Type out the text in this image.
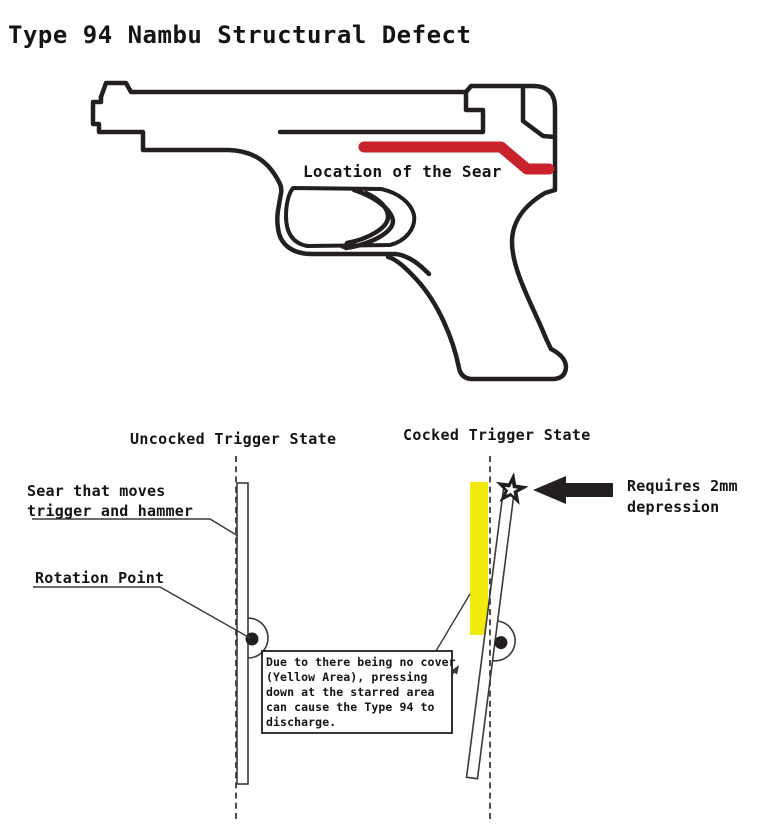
Type 94 Nambu Structural Defect
Location of the Sear
Uncocked Trigger State
Sear that moves
trigger and hammer
Rotation Point
Cocked Trigger State
Requires 2mm
depression
Due to there being no cover
(Yellow Area), pressing
down at the starred area
can cause the Type 94 to
discharge.
